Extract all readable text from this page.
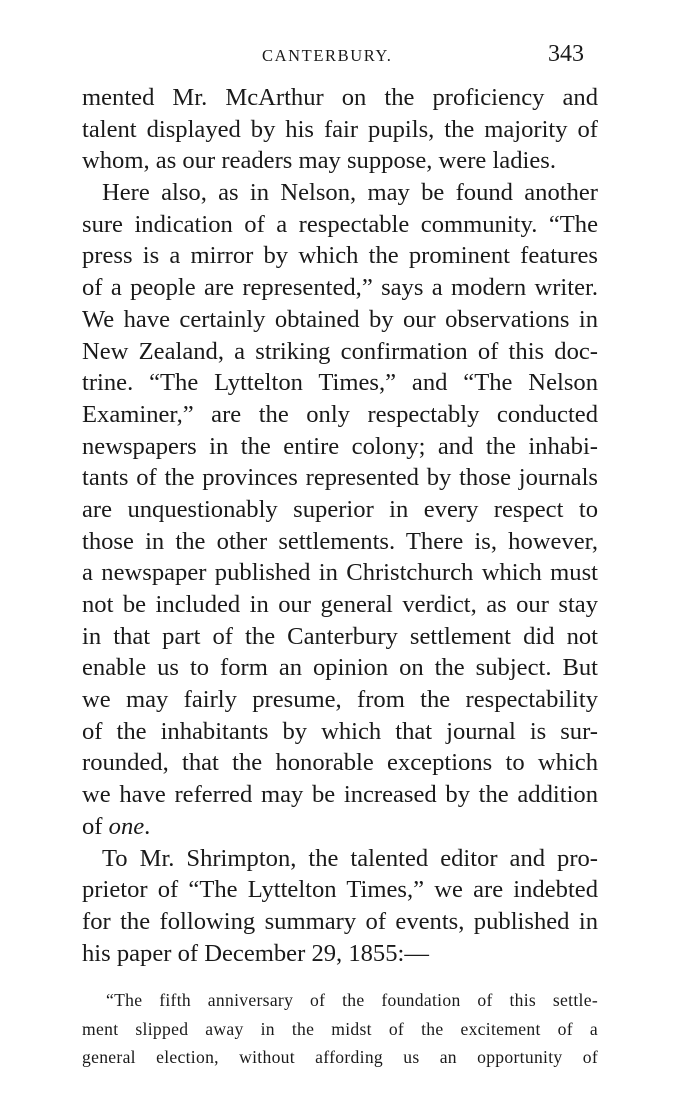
CANTERBURY.	343
mented Mr. McArthur on the proficiency and
talent displayed by his fair pupils, the majority of
whom, as our readers may suppose, were ladies.
Here also, as in Nelson, may be found another
sure indication of a respectable community. “The
press is a mirror by which the prominent features
of a people are represented,” says a modern writer.
We have certainly obtained by our observations in
New Zealand, a striking confirmation of this doc-
trine. “The Lyttelton Times,” and “The Nelson
Examiner,” are the only respectably conducted
newspapers in the entire colony; and the inhabi-
tants of the provinces represented by those journals
are unquestionably superior in every respect to
those in the other settlements. There is, however,
a newspaper published in Christchurch which must
not be included in our general verdict, as our stay
in that part of the Canterbury settlement did not
enable us to form an opinion on the subject. But
we may fairly presume, from the respectability
of the inhabitants by which that journal is sur-
rounded, that the honorable exceptions to which
we have referred may be increased by the addition
of one.
To Mr. Shrimpton, the talented editor and pro-
prietor of “The Lyttelton Times,” we are indebted
for the following summary of events, published in
his paper of December 29, 1855:—
“The fifth anniversary of the foundation of this settle-
ment slipped away in the midst of the excitement of a
general election, without affording us an opportunity of
